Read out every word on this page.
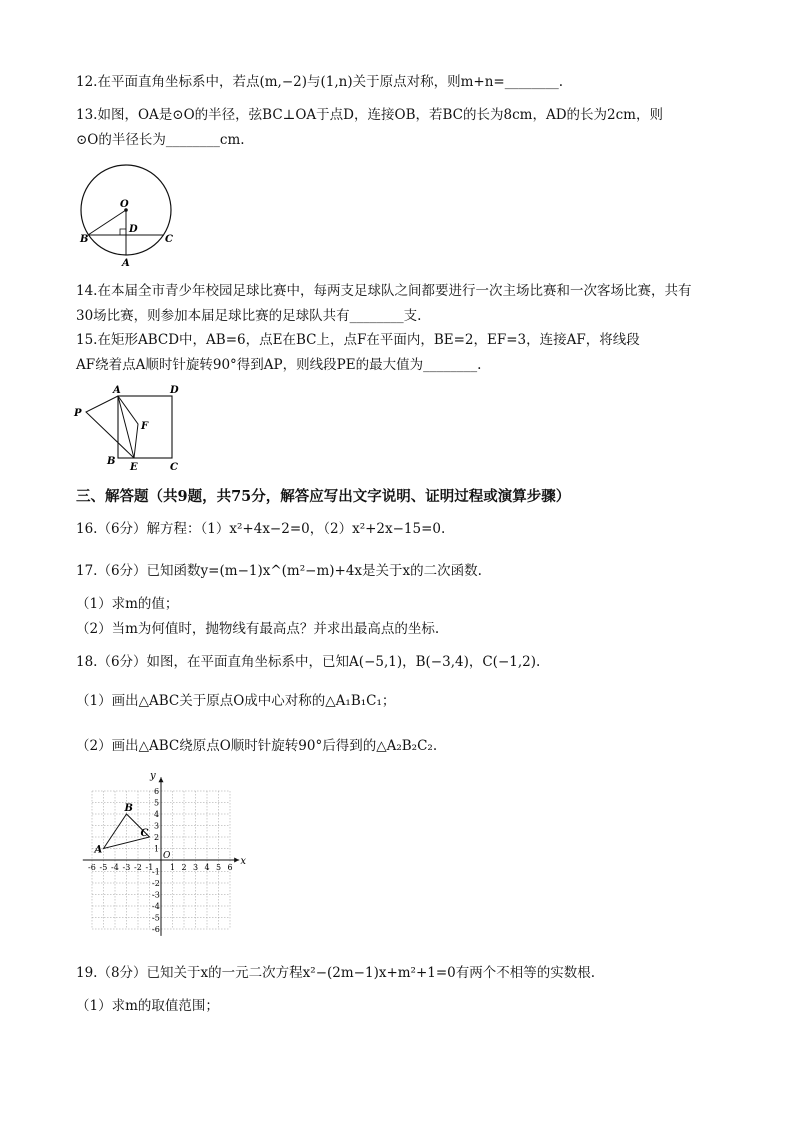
12.在平面直角坐标系中，若点(m,−2)与(1,n)关于原点对称，则m+n=________.
13.如图，OA是⊙O的半径，弦BC⊥OA于点D，连接OB，若BC的长为8cm，AD的长为2cm，则
⊙O的半径长为________cm.
O
D
B	C
A
14.在本届全市青少年校园足球比赛中，每两支足球队之间都要进行一次主场比赛和一次客场比赛，共有
30场比赛，则参加本届足球比赛的足球队共有________支.
15.在矩形ABCD中，AB=6，点E在BC上，点F在平面内，BE=2，EF=3，连接AF，将线段
AF绕着点A顺时针旋转90°得到AP，则线段PE的最大值为________.
A	D
P
F
B
E	C
三、解答题（共9题，共75分，解答应写出文字说明、证明过程或演算步骤）
16.（6分）解方程：（1）x²+4x−2=0，（2）x²+2x−15=0.
17.（6分）已知函数y=(m−1)x^(m²−m)+4x是关于x的二次函数.
（1）求m的值；
（2）当m为何值时，抛物线有最高点？并求出最高点的坐标.
18.（6分）如图，在平面直角坐标系中，已知A(−5,1)，B(−3,4)，C(−1,2).
（1）画出△ABC关于原点O成中心对称的△A₁B₁C₁；
（2）画出△ABC绕原点O顺时针旋转90°后得到的△A₂B₂C₂.
x
y
O
-6 -5 -4 -3 -2 -1 1 2 3 4 5 6
6
5
4
3
2
1
-1
-2
-3
-4
-5
-6
A
B
C
19.（8分）已知关于x的一元二次方程x²−(2m−1)x+m²+1=0有两个不相等的实数根.
（1）求m的取值范围；
